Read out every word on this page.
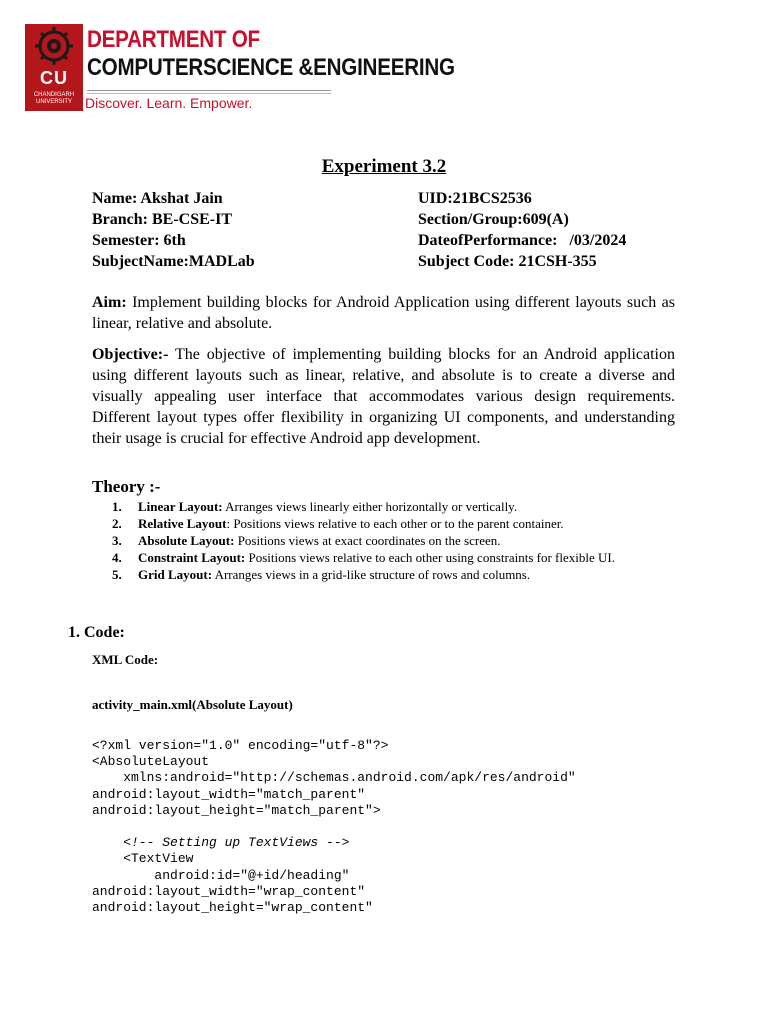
CU
CHANDIGARH UNIVERSITY
DEPARTMENT OF
COMPUTERSCIENCE &ENGINEERING
Discover. Learn. Empower.
Experiment 3.2
Name: Akshat Jain	UID:21BCS2536
Branch: BE-CSE-IT	Section/Group:609(A)
Semester: 6th	DateofPerformance:   /03/2024
SubjectName:MADLab	Subject Code: 21CSH-355
Aim: Implement building blocks for Android Application using different layouts such as linear, relative and absolute.
Objective:- The objective of implementing building blocks for an Android application using different layouts such as linear, relative, and absolute is to create a diverse and visually appealing user interface that accommodates various design requirements. Different layout types offer flexibility in organizing UI components, and understanding their usage is crucial for effective Android app development.
Theory :-
1. Linear Layout: Arranges views linearly either horizontally or vertically.
2. Relative Layout: Positions views relative to each other or to the parent container.
3. Absolute Layout: Positions views at exact coordinates on the screen.
4. Constraint Layout: Positions views relative to each other using constraints for flexible UI.
5. Grid Layout: Arranges views in a grid-like structure of rows and columns.
1. Code:
XML Code:
activity_main.xml(Absolute Layout)
<?xml version="1.0" encoding="utf-8"?>
<AbsoluteLayout
xmlns:android="http://schemas.android.com/apk/res/android"
android:layout_width="match_parent"
android:layout_height="match_parent">

<!-- Setting up TextViews -->
<TextView
android:id="@+id/heading"
android:layout_width="wrap_content"
android:layout_height="wrap_content"
